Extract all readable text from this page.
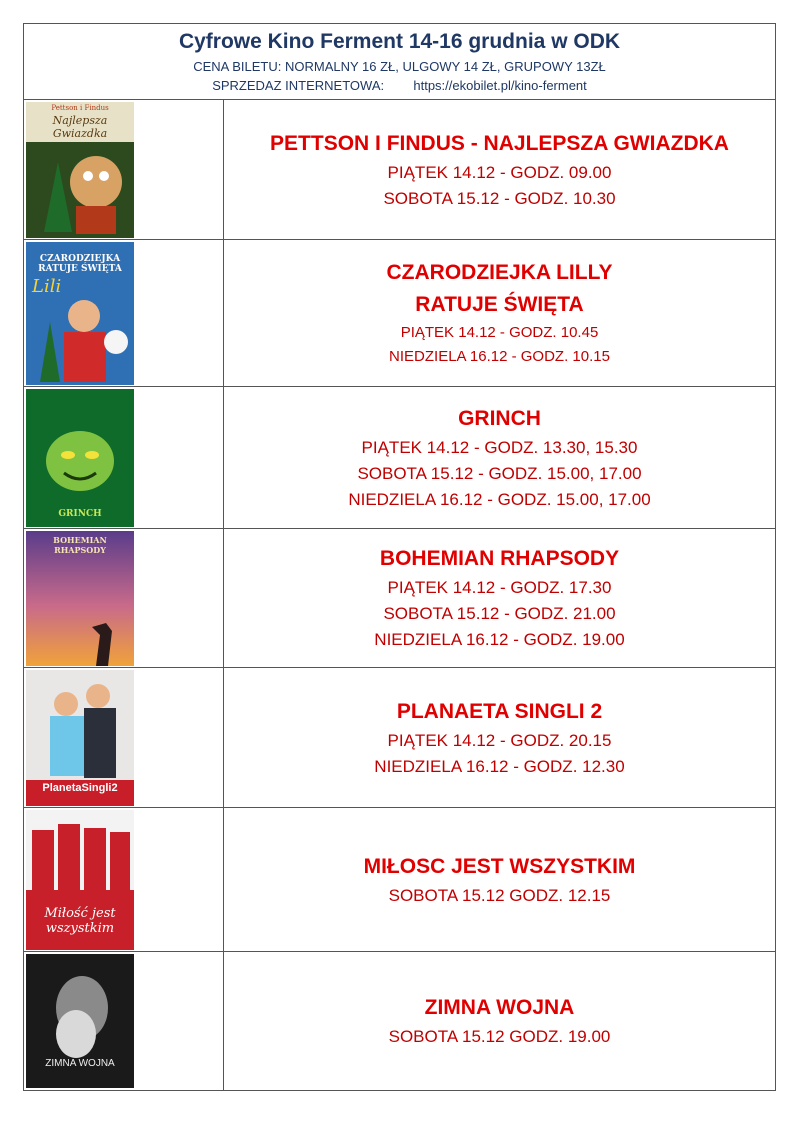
Cyfrowe Kino Ferment 14-16 grudnia w ODK
CENA BILETU: NORMALNY 16 ZŁ, ULGOWY 14 ZŁ, GRUPOWY 13ZŁ
SPRZEDAZ INTERNETOWA: https://ekobilet.pl/kino-ferment
Pettson i Findus
Najlepsza Gwiazdka	PETTSON I FINDUS - NAJLEPSZA GWIAZDKA
PIĄTEK 14.12 - GODZ. 09.00
SOBOTA 15.12 - GODZ. 10.30
CZARODZIEJKA RATUJE ŚWIĘTA
Lili
CZARODZIEJKA LILLY
RATUJE ŚWIĘTA
PIĄTEK 14.12 - GODZ. 10.45
NIEDZIELA 16.12 - GODZ. 10.15
GRINCH
GRINCH
PIĄTEK 14.12 - GODZ. 13.30, 15.30
SOBOTA 15.12 - GODZ. 15.00, 17.00
NIEDZIELA 16.12 - GODZ. 15.00, 17.00
BOHEMIAN RHAPSODY	BOHEMIAN RHAPSODY
PIĄTEK 14.12 - GODZ. 17.30
SOBOTA 15.12 - GODZ. 21.00
NIEDZIELA 16.12 - GODZ. 19.00
PlanetaSingli2
PLANAETA SINGLI 2
PIĄTEK 14.12 - GODZ. 20.15
NIEDZIELA 16.12 - GODZ. 12.30
Miłość jest wszystkim
MIŁOSC JEST WSZYSTKIM
SOBOTA 15.12 GODZ. 12.15
ZIMNA WOJNA
ZIMNA WOJNA
SOBOTA 15.12 GODZ. 19.00
